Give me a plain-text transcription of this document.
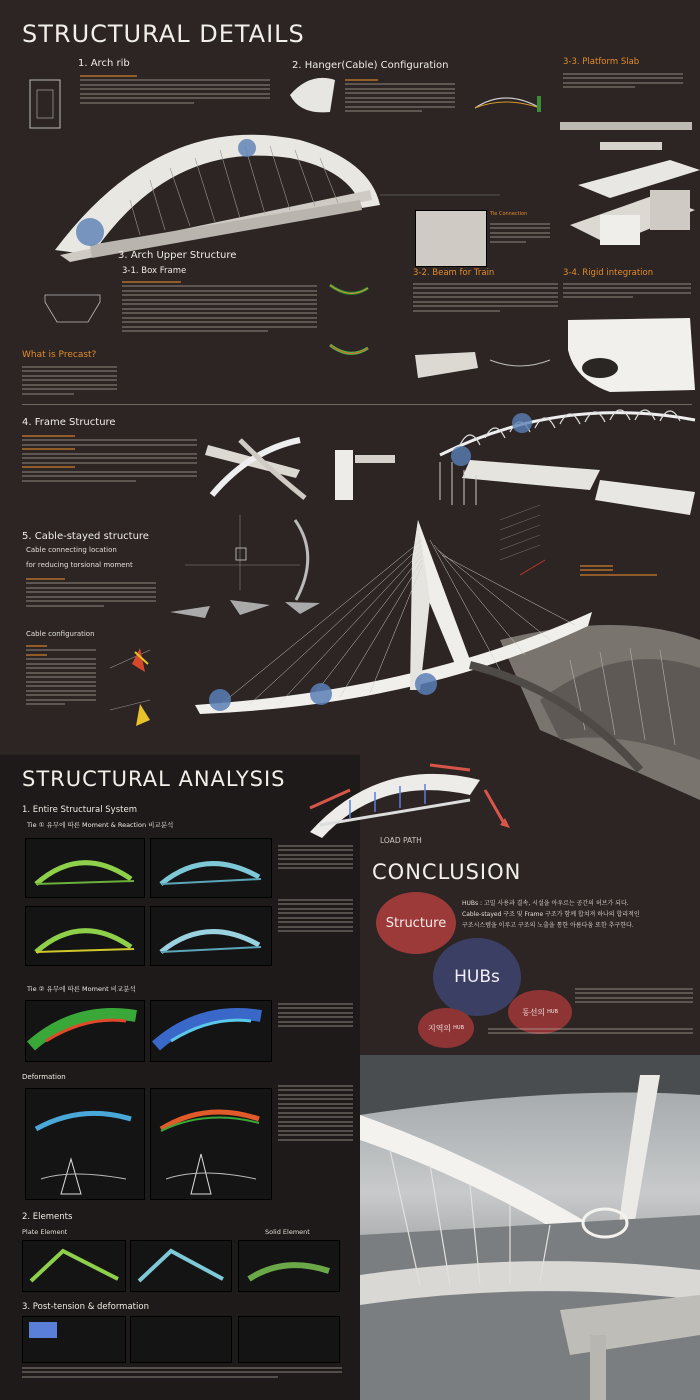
STRUCTURAL DETAILS
1. Arch rib	2. Hanger(Cable) Configuration	3-3. Platform Slab
3. Arch Upper Structure
3-1. Box Frame
Tie Connection
3-2. Beam for Train	3-4. Rigid integration
What is Precast?
4. Frame Structure
5. Cable-stayed structure
Cable connecting location
for reducing torsional moment
Cable configuration
STRUCTURAL ANALYSIS
1. Entire Structural System
Tie ① 유무에 따른 Moment & Reaction 비교분석
Tie ② 유무에 따른 Moment 비교분석
Deformation
2. Elements
Plate Element	Solid Element
3. Post-tension & deformation
LOAD PATH
CONCLUSION
HUBs : 고밀 사용과 결속, 시설을 아우르는 공간의 허브가 되다.
Cable-stayed 구조 및 Frame 구조가 함께 합쳐져 하나의 합리적인
구조시스템을 이루고 구조의 노출을 통한 아름다움 또한 추구한다.
Structure
HUBs
동선의 HUB
지역의 HUB
